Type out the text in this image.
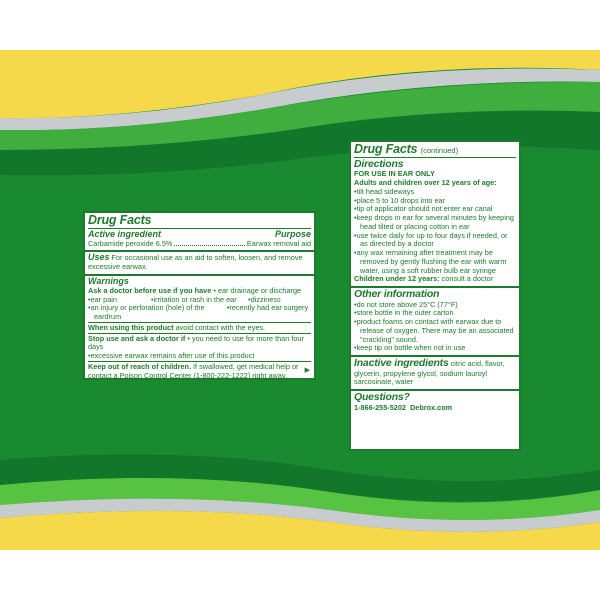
Drug Facts
Active ingredient	Purpose
Carbamide peroxide 6.5%	Earwax removal aid
Uses For occasional use as an aid to soften, loosen, and remove excessive earwax.
Warnings
Ask a doctor before use if you have • ear drainage or discharge
• ear pain	• irritation or rash in the ear	• dizziness
• an injury or perforation (hole) of the eardrum
• recently had ear surgery
When using this product avoid contact with the eyes.
Stop use and ask a doctor if • you need to use for more than four days
• excessive earwax remains after use of this product
Keep out of reach of children. If swallowed, get medical help or contact a Poison Control Center (1-800-222-1222) right away.
▶
Drug Facts (continued)
Directions
FOR USE IN EAR ONLY
Adults and children over 12 years of age:
• tilt head sideways
• place 5 to 10 drops into ear
• tip of applicator should not enter ear canal
• keep drops in ear for several minutes by keeping head tilted or placing cotton in ear
• use twice daily for up to four days if needed, or as directed by a doctor
• any wax remaining after treatment may be removed by gently flushing the ear with warm water, using a soft rubber bulb ear syringe
Children under 12 years: consult a doctor
Other information
• do not store above 25°C (77°F)
• store bottle in the outer carton
• product foams on contact with earwax due to release of oxygen. There may be an associated "crackling" sound.
• keep tip on bottle when not in use
Inactive ingredients citric acid, flavor, glycerin, propylene glycol, sodium lauroyl sarcosinate, water
Questions?
1-866-255-5202 Debrox.com
